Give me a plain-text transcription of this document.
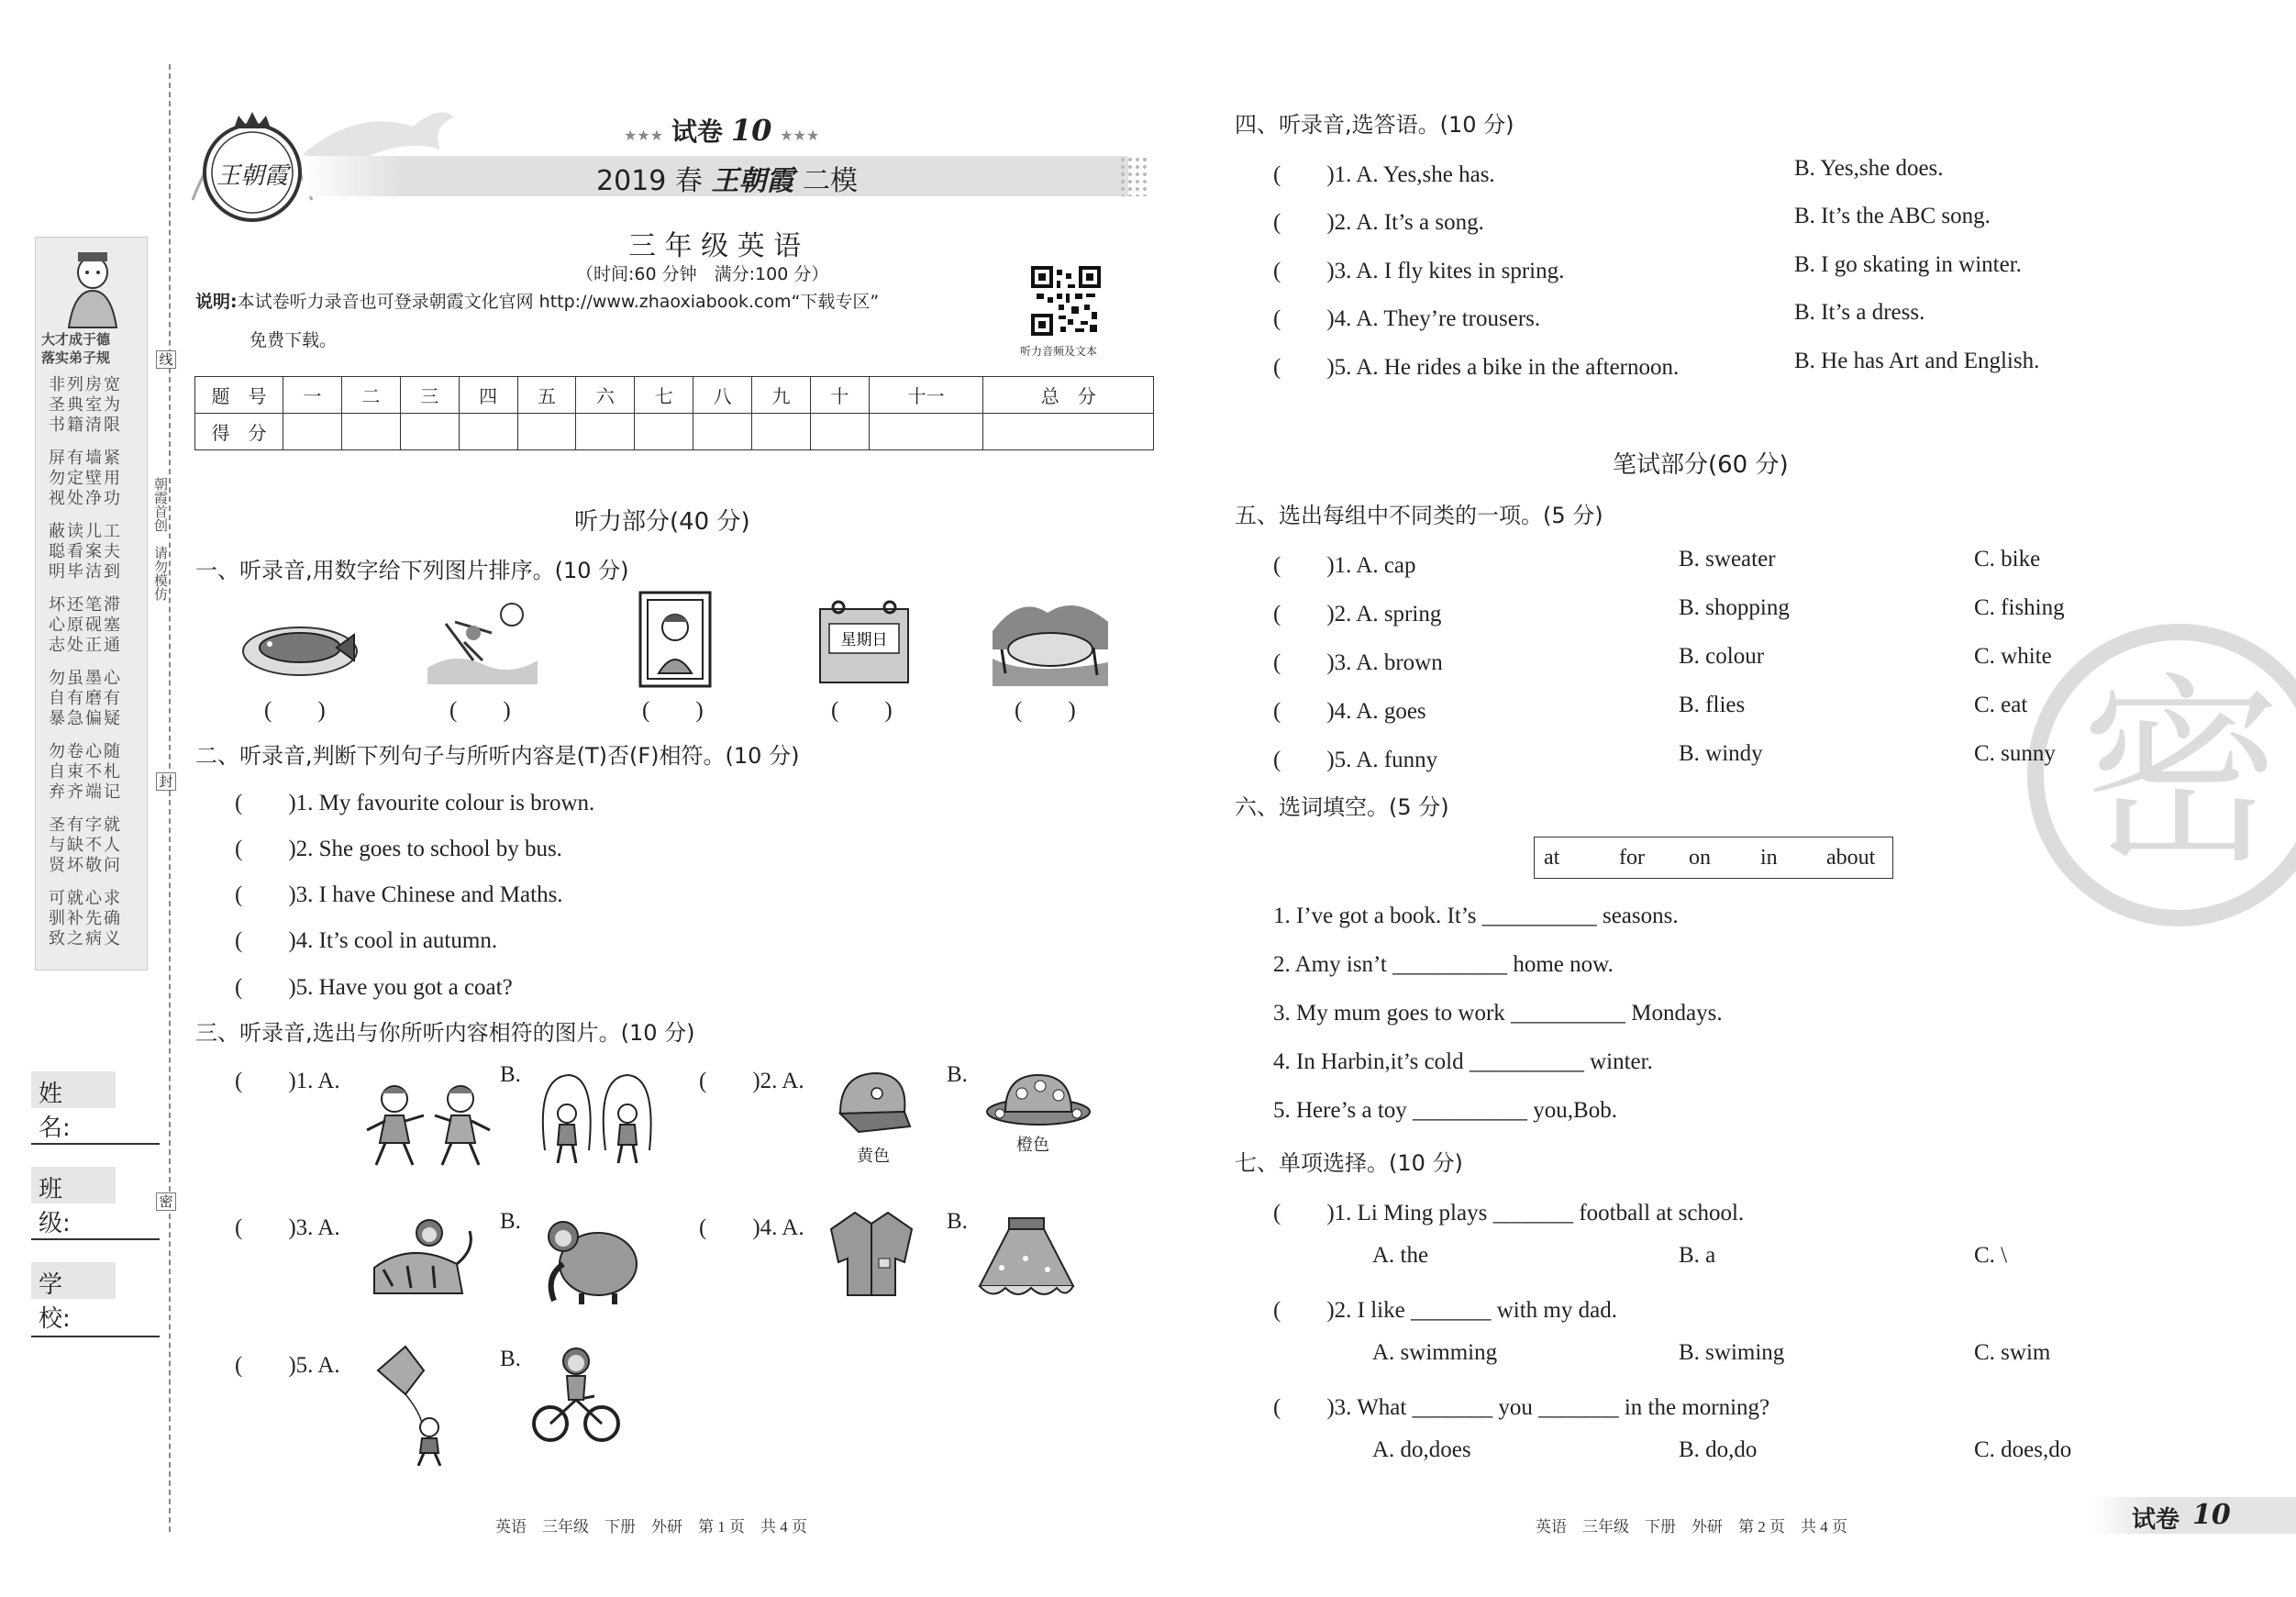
线
封
密
朝霞首创　请勿模仿
大才成于德
落实弟子规
非列房宽
圣典室为
书籍清限
屏有墙紧
勿定壁用
视处净功
蔽读儿工
聪看案夫
明毕洁到
坏还笔滞
心原砚塞
志处正通
勿虽墨心
自有磨有
暴急偏疑
勿卷心随
自束不札
弃齐端记
圣有字就
与缺不人
贤坏敬问
可就心求
驯补先确
致之病义
姓　名:
班　级:
学　校:
王朝霞
★★★ 试卷 10 ★★★
2019 春 王朝霞 二模
三 年 级 英 语
（时间:60 分钟　满分:100 分）
说明:本试卷听力录音也可登录朝霞文化官网 http://www.zhaoxiabook.com“下载专区”
免费下载。
听力音频及文本
题　号	一	二	三	四	五	六	七	八	九	十	十一	总　分
得　分												
听力部分(40 分)
一、听录音,用数字给下列图片排序。(10 分)
星期日
(　　)	(　　)	(　　)	(　　)	(　　)
二、听录音,判断下列句子与所听内容是(T)否(F)相符。(10 分)
(　　)1. My favourite colour is brown.
(　　)2. She goes to school by bus.
(　　)3. I have Chinese and Maths.
(　　)4. It’s cool in autumn.
(　　)5. Have you got a coat?
三、听录音,选出与你所听内容相符的图片。(10 分)
(　　)1. A.	B.	(　　)2. A.	B.
(　　)3. A.	B.	(　　)4. A.	B.
(　　)5. A.	B.
黄色
橙色
四、听录音,选答语。(10 分)
(　　)1. A. Yes,she has.	B. Yes,she does.
(　　)2. A. It’s a song.	B. It’s the ABC song.
(　　)3. A. I fly kites in spring.	B. I go skating in winter.
(　　)4. A. They’re trousers.	B. It’s a dress.
(　　)5. A. He rides a bike in the afternoon.	B. He has Art and English.
密
笔试部分(60 分)
五、选出每组中不同类的一项。(5 分)
(　　)1. A. cap	B. sweater	C. bike
(　　)2. A. spring	B. shopping	C. fishing
(　　)3. A. brown	B. colour	C. white
(　　)4. A. goes	B. flies	C. eat
(　　)5. A. funny	B. windy	C. sunny
六、选词填空。(5 分)
at	for on in about
1. I’ve got a book. It’s __________ seasons.
2. Amy isn’t __________ home now.
3. My mum goes to work __________ Mondays.
4. In Harbin,it’s cold __________ winter.
5. Here’s a toy __________ you,Bob.
七、单项选择。(10 分)
(　　)1. Li Ming plays _______ football at school.
A. the	B. a	C. \
(　　)2. I like _______ with my dad.
A. swimming	B. swiming	C. swim
(　　)3. What _______ you _______ in the morning?
A. do,does	B. do,do	C. does,do
英语　三年级　下册　外研　第 1 页　共 4 页	英语　三年级　下册　外研　第 2 页　共 4 页	试卷 10
